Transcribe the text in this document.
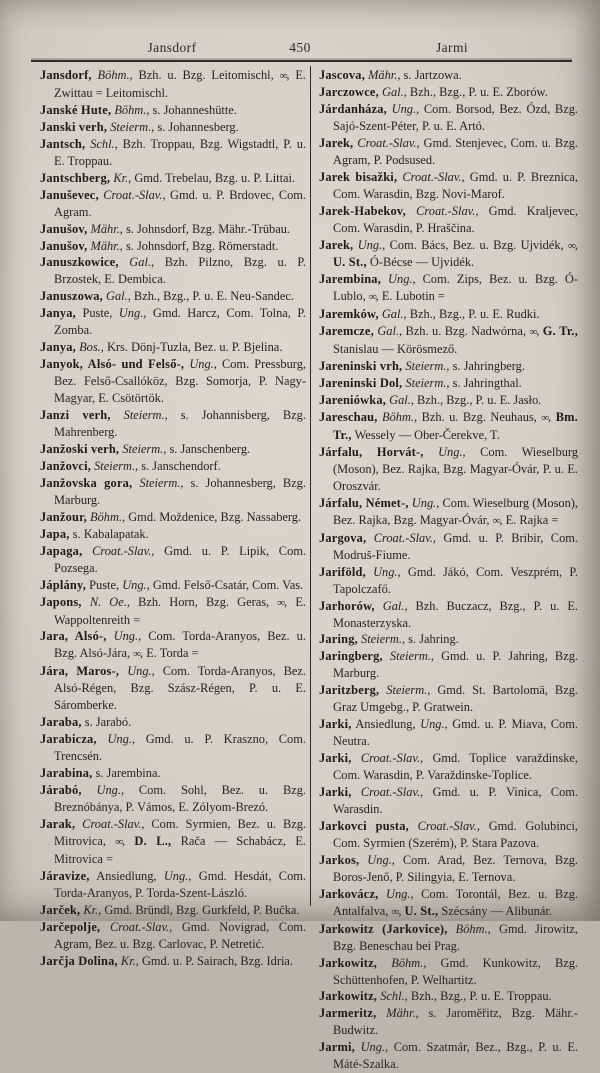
Jansdorf	450	Jarmi

Jansdorf, Böhm., Bzh. u. Bzg. Leitomischl, ∞, E. Zwittau = Leitomischl.

Janské Hute, Böhm., s. Johanneshütte.

Janski verh, Steierm., s. Johannesberg.

Jantsch, Schl., Bzh. Troppau, Bzg. Wigstadtl, P. u. E. Troppau.

Jantschberg, Kr., Gmd. Trebelau, Bzg. u. P. Littai.

Januševec, Croat.-Slav., Gmd. u. P. Brdovec, Com. Agram.

Janušov, Mähr., s. Johnsdorf, Bzg. Mähr.-Trübau.

Janušov, Mähr., s. Johnsdorf, Bzg. Römerstadt.

Januszkowice, Gal., Bzh. Pilzno, Bzg. u. P. Brzostek, E. Dembica.

Januszowa, Gal., Bzh., Bzg., P. u. E. Neu-Sandec.

Janya, Puste, Ung., Gmd. Harcz, Com. Tolna, P. Zomba.

Janya, Bos., Krs. Dönj-Tuzla, Bez. u. P. Bjelina.

Janyok, Alsó- und Felső-, Ung., Com. Pressburg, Bez. Felső-Csallóköz, Bzg. Somorja, P. Nagy-Magyar, E. Csötörtök.

Janzi verh, Steierm., s. Johannisberg, Bzg. Mahrenberg.

Janžoski verh, Steierm., s. Janschenberg.

Janžovci, Steierm., s. Janschendorf.

Janžovska gora, Steierm., s. Johannesberg, Bzg. Marburg.

Janžour, Böhm., Gmd. Moždenice, Bzg. Nassaberg.

Japa, s. Kabalapatak.

Japaga, Croat.-Slav., Gmd. u. P. Lipik, Com. Pozsega.

Jáplány, Puste, Ung., Gmd. Felső-Csatár, Com. Vas.

Japons, N. Oe., Bzh. Horn, Bzg. Geras, ∞, E. Wappoltenreith =

Jara, Alsó-, Ung., Com. Torda-Aranyos, Bez. u. Bzg. Alsó-Jára, ∞, E. Torda =

Jára, Maros-, Ung., Com. Torda-Aranyos, Bez. Alsó-Régen, Bzg. Szász-Régen, P. u. E. Sáromberke.

Jaraba, s. Jarabó.

Jarabicza, Ung., Gmd. u. P. Kraszno, Com. Trencsén.

Jarabina, s. Jarembina.

Járabó, Ung., Com. Sohl, Bez. u. Bzg. Breznóbánya, P. Vámos, E. Zólyom-Brezó.

Jarak, Croat.-Slav., Com. Syrmien, Bez. u. Bzg. Mitrovica, ∞, D. L., Rača — Schabácz, E. Mitrovica =

Járavize, Ansiedlung, Ung., Gmd. Hesdát, Com. Torda-Aranyos, P. Torda-Szent-László.

Jarček, Kr., Gmd. Bründl, Bzg. Gurkfeld, P. Bučka.

Jarčepolje, Croat.-Slav., Gmd. Novigrad, Com. Agram, Bez. u. Bzg. Carlovac, P. Netretić.

Jarčja Dolina, Kr., Gmd. u. P. Sairach, Bzg. Idria.

Jascova, Mähr., s. Jartzowa.

Jarczowce, Gal., Bzh., Bzg., P. u. E. Zborów.

Járdanháza, Ung., Com. Borsod, Bez. Ózd, Bzg. Sajó-Szent-Péter, P. u. E. Artó.

Jarek, Croat.-Slav., Gmd. Stenjevec, Com. u. Bzg. Agram, P. Podsused.

Jarek bisažki, Croat.-Slav., Gmd. u. P. Breznica, Com. Warasdin, Bzg. Novi-Marof.

Jarek-Habekov, Croat.-Slav., Gmd. Kraljevec, Com. Warasdin, P. Hraščina.

Jarek, Ung., Com. Bács, Bez. u. Bzg. Ujvidék, ∞, U. St., Ó-Bécse — Ujvidék.

Jarembina, Ung., Com. Zips, Bez. u. Bzg. Ó-Lublo, ∞, E. Lubotin =

Jaremków, Gal., Bzh., Bzg., P. u. E. Rudki.

Jaremcze, Gal., Bzh. u. Bzg. Nadwórna, ∞, G. Tr., Stanislau — Körösmező.

Jareninski vrh, Steierm., s. Jahringberg.

Jareninski Dol, Steierm., s. Jahringthal.

Jareniówka, Gal., Bzh., Bzg., P. u. E. Jasło.

Jareschau, Böhm., Bzh. u. Bzg. Neuhaus, ∞, Bm. Tr., Wessely — Ober-Čerekve, T.

Járfalu, Horvát-, Ung., Com. Wieselburg (Moson), Bez. Rajka, Bzg. Magyar-Óvár, P. u. E. Oroszvár.

Járfalu, Német-, Ung., Com. Wieselburg (Moson), Bez. Rajka, Bzg. Magyar-Óvár, ∞, E. Rajka =

Jargova, Croat.-Slav., Gmd. u. P. Bribir, Com. Modruš-Fiume.

Jariföld, Ung., Gmd. Jákó, Com. Veszprém, P. Tapolczafő.

Jarhorów, Gal., Bzh. Buczacz, Bzg., P. u. E. Monasterzyska.

Jaring, Steierm., s. Jahring.

Jaringberg, Steierm., Gmd. u. P. Jahring, Bzg. Marburg.

Jaritzberg, Steierm., Gmd. St. Bartolomä, Bzg. Graz Umgebg., P. Gratwein.

Jarki, Ansiedlung, Ung., Gmd. u. P. Miava, Com. Neutra.

Jarki, Croat.-Slav., Gmd. Toplice varaždinske, Com. Warasdin, P. Varaždinske-Toplice.

Jarki, Croat.-Slav., Gmd. u. P. Vinica, Com. Warasdin.

Jarkovci pusta, Croat.-Slav., Gmd. Golubinci, Com. Syrmien (Szerém), P. Stara Pazova.

Jarkos, Ung., Com. Arad, Bez. Ternova, Bzg. Boros-Jenő, P. Silingyia, E. Ternova.

Jarkovácz, Ung., Com. Torontál, Bez. u. Bzg. Antalfalva, ∞, U. St., Szécsány — Alibunár.

Jarkowitz (Jarkovice), Böhm., Gmd. Jirowitz, Bzg. Beneschau bei Prag.

Jarkowitz, Böhm., Gmd. Kunkowitz, Bzg. Schüttenhofen, P. Welhartitz.

Jarkowitz, Schl., Bzh., Bzg., P. u. E. Troppau.

Jarmeritz, Mähr., s. Jaroměřitz, Bzg. Mähr.-Budwitz.

Jarmi, Ung., Com. Szatmár, Bez., Bzg., P. u. E. Máté-Szalka.
